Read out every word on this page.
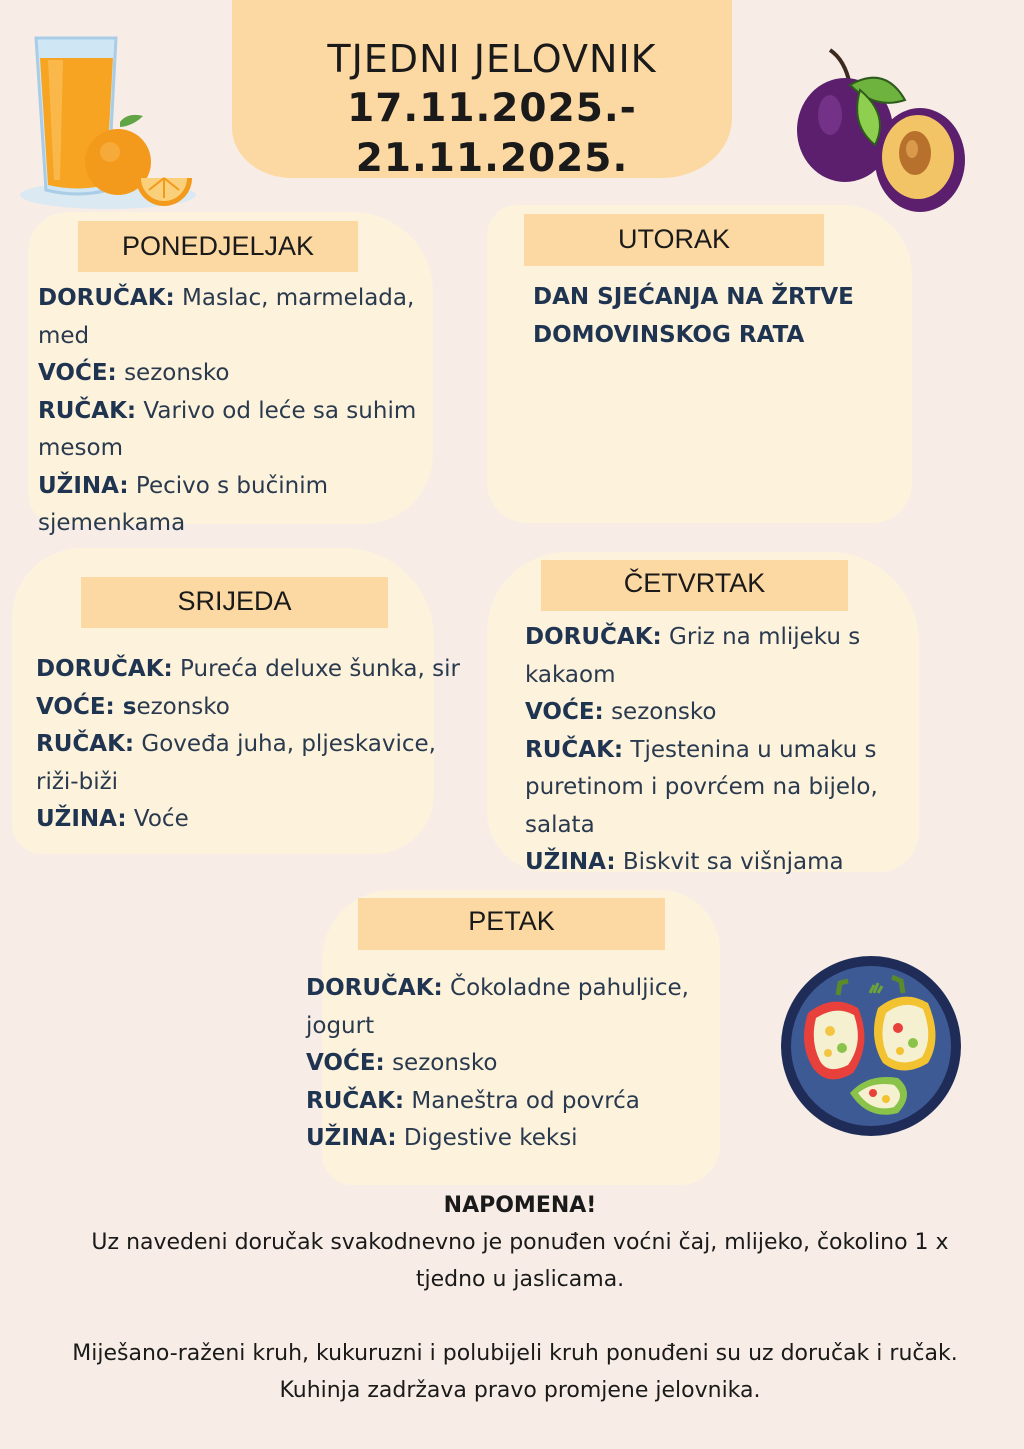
TJEDNI JELOVNIK
17.11.2025.- 21.11.2025.
PONEDJELJAK
DORUČAK: Maslac, marmelada, med
VOĆE: sezonsko
RUČAK: Varivo od leće sa suhim mesom
UŽINA: Pecivo s bučinim sjemenkama
UTORAK
DAN SJEĆANJA NA ŽRTVE DOMOVINSKOG RATA
SRIJEDA
DORUČAK: Pureća deluxe šunka, sir
VOĆE: sezonsko
RUČAK: Goveđa juha, pljeskavice, riži-biži
UŽINA: Voće
ČETVRTAK
DORUČAK: Griz na mlijeku s kakaom
VOĆE: sezonsko
RUČAK: Tjestenina u umaku s puretinom i povrćem na bijelo, salata
UŽINA: Biskvit sa višnjama
PETAK
DORUČAK: Čokoladne pahuljice, jogurt
VOĆE: sezonsko
RUČAK: Maneštra od povrća
UŽINA: Digestive keksi
NAPOMENA!
Uz navedeni doručak svakodnevno je ponuđen voćni čaj, mlijeko, čokolino 1 x tjedno u jaslicama.
Miješano-raženi kruh, kukuruzni i polubijeli kruh ponuđeni su uz doručak i ručak.
Kuhinja zadržava pravo promjene jelovnika.
